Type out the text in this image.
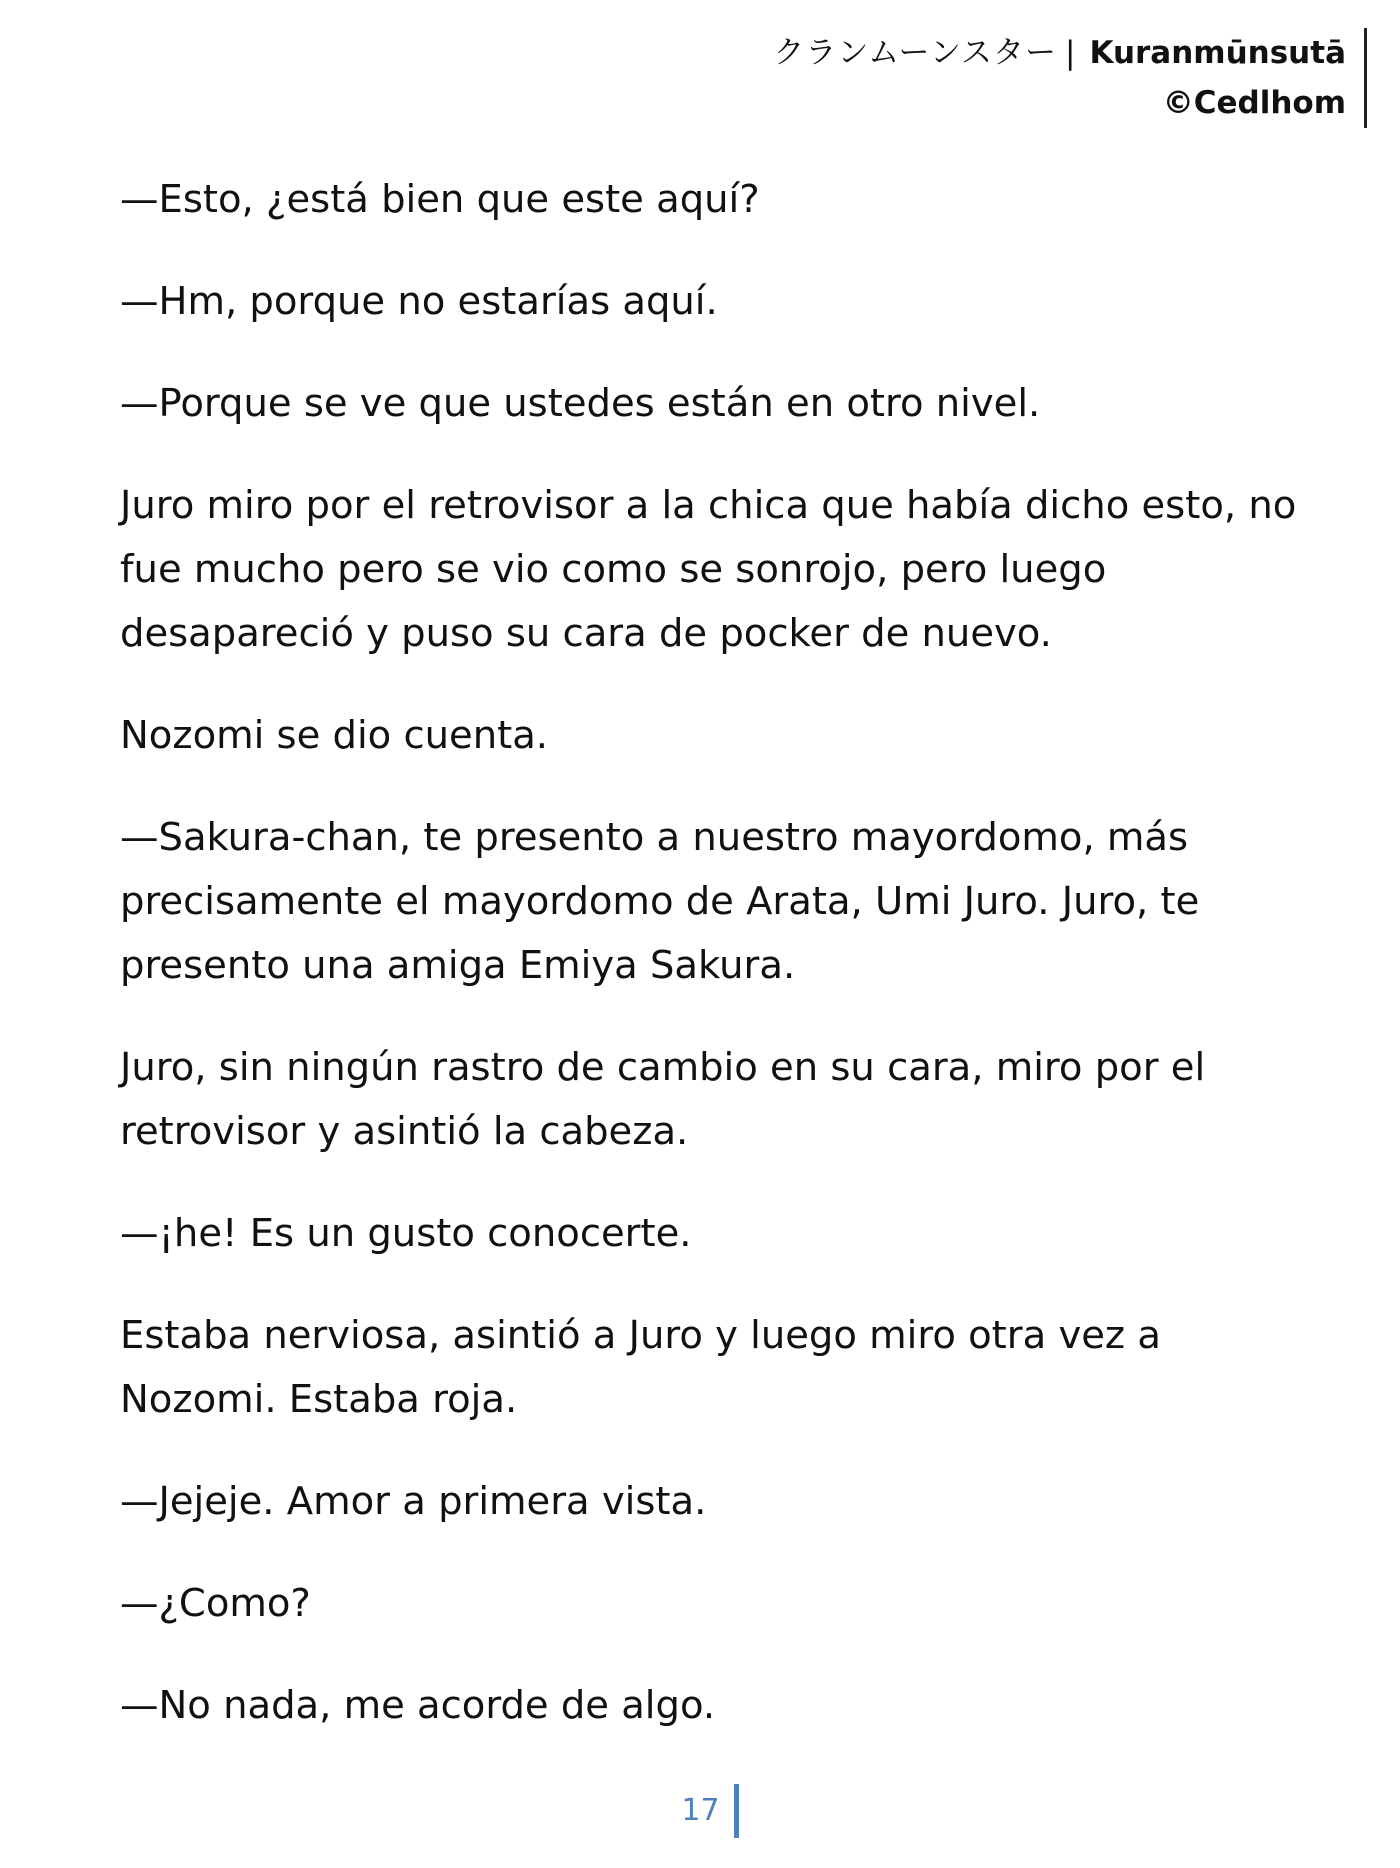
クランムーンスター | Kuranmūnsutā
©Cedlhom

—Esto, ¿está bien que este aquí?

—Hm, porque no estarías aquí.

—Porque se ve que ustedes están en otro nivel.

Juro miro por el retrovisor a la chica que había dicho esto, no fue mucho pero se vio como se sonrojo, pero luego desapareció y puso su cara de pocker de nuevo.

Nozomi se dio cuenta.

—Sakura-chan, te presento a nuestro mayordomo, más precisamente el mayordomo de Arata, Umi Juro. Juro, te presento una amiga Emiya Sakura.

Juro, sin ningún rastro de cambio en su cara, miro por el retrovisor y asintió la cabeza.

—¡he! Es un gusto conocerte.

Estaba nerviosa, asintió a Juro y luego miro otra vez a Nozomi. Estaba roja.

—Jejeje. Amor a primera vista.

—¿Como?

—No nada, me acorde de algo.

17
